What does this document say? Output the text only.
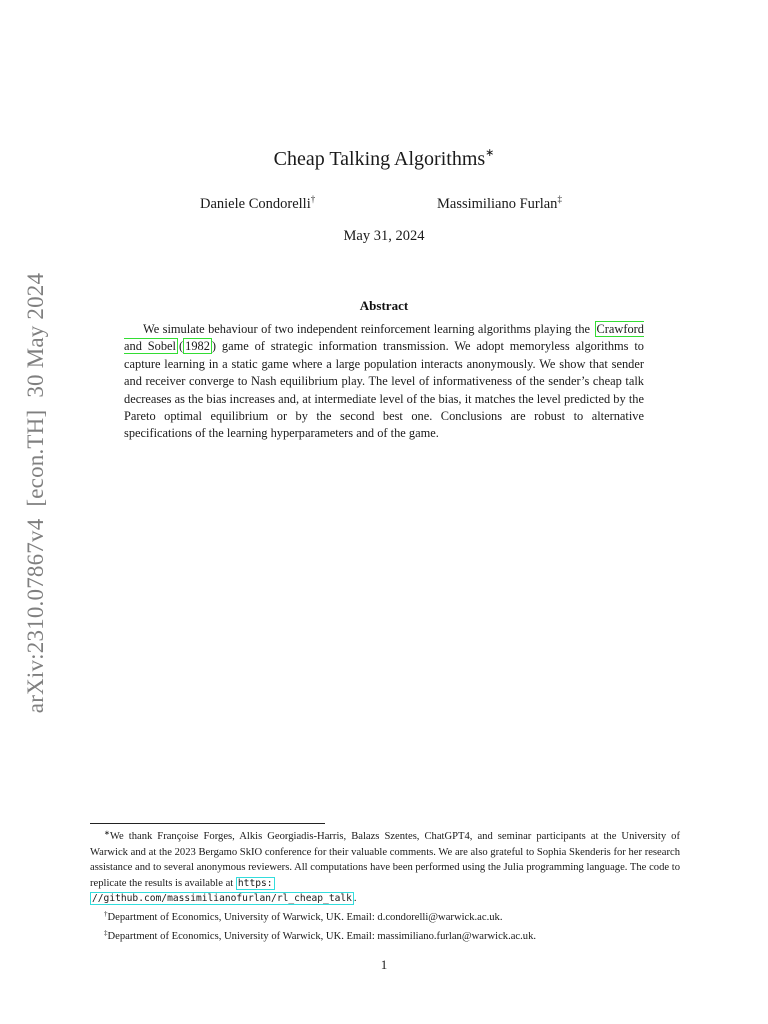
arXiv:2310.07867v4[econ.TH]30 May 2024
Cheap Talking Algorithms∗
Daniele Condorelli†	Massimiliano Furlan‡
May 31, 2024
Abstract
We simulate behaviour of two independent reinforcement learning algorithms playing the Crawford and Sobel ( 1982 ) game of strategic information transmission. We adopt memoryless algorithms to capture learning in a static game where a large population interacts anonymously. We show that sender and receiver converge to Nash equilibrium play. The level of informativeness of the sender’s cheap talk decreases as the bias increases and, at intermediate level of the bias, it matches the level predicted by the Pareto optimal equilibrium or by the second best one. Conclusions are robust to alternative specifications of the learning hyperparameters and of the game.
∗We thank Françoise Forges, Alkis Georgiadis-Harris, Balazs Szentes, ChatGPT4, and seminar participants at the University of Warwick and at the 2023 Bergamo SkIO conference for their valuable comments. We are also grateful to Sophia Skenderis for her research assistance and to several anonymous reviewers. All computations have been performed using the Julia programming language. The code to replicate the results is available at https:
//github.com/massimilianofurlan/rl_cheap_talk .
†Department of Economics, University of Warwick, UK. Email: d.condorelli@warwick.ac.uk.
‡Department of Economics, University of Warwick, UK. Email: massimiliano.furlan@warwick.ac.uk.
1
